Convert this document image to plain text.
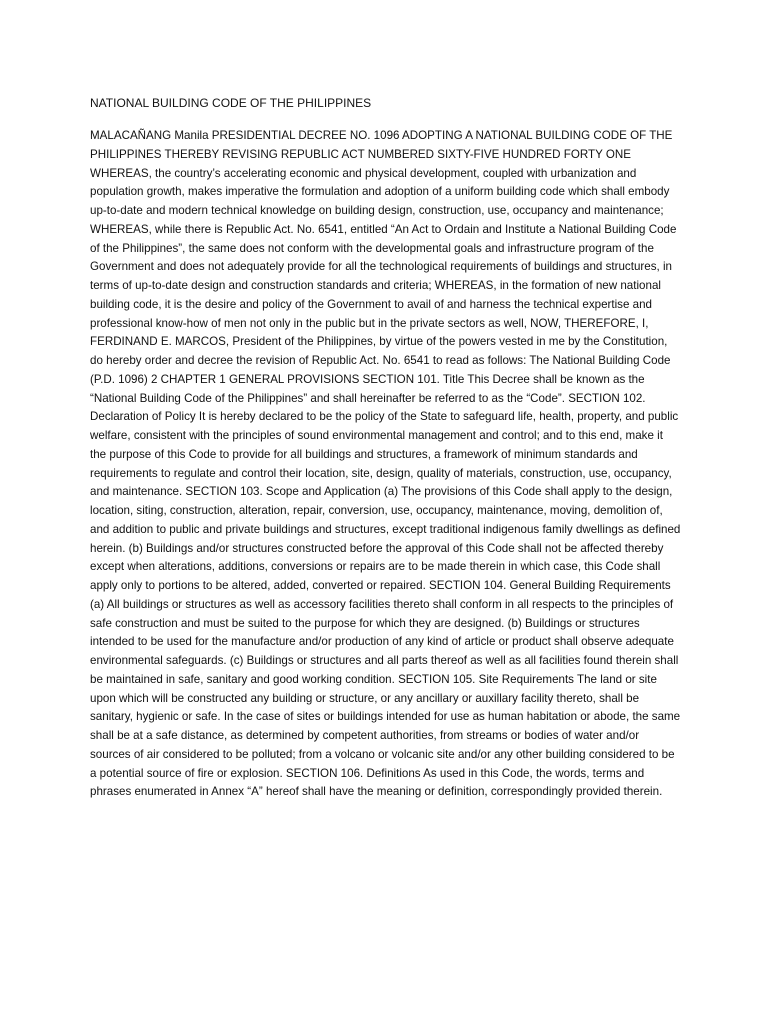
NATIONAL BUILDING CODE OF THE PHILIPPINES

MALACAÑANG Manila PRESIDENTIAL DECREE NO. 1096 ADOPTING A NATIONAL BUILDING CODE OF THE PHILIPPINES THEREBY REVISING REPUBLIC ACT NUMBERED SIXTY-FIVE HUNDRED FORTY ONE WHEREAS, the country’s accelerating economic and physical development, coupled with urbanization and population growth, makes imperative the formulation and adoption of a uniform building code which shall embody up-to-date and modern technical knowledge on building design, construction, use, occupancy and maintenance; WHEREAS, while there is Republic Act. No. 6541, entitled “An Act to Ordain and Institute a National Building Code of the Philippines”, the same does not conform with the developmental goals and infrastructure program of the Government and does not adequately provide for all the technological requirements of buildings and structures, in terms of up-to-date design and construction standards and criteria; WHEREAS, in the formation of new national building code, it is the desire and policy of the Government to avail of and harness the technical expertise and professional know-how of men not only in the public but in the private sectors as well, NOW, THEREFORE, I, FERDINAND E. MARCOS, President of the Philippines, by virtue of the powers vested in me by the Constitution, do hereby order and decree the revision of Republic Act. No. 6541 to read as follows: The National Building Code (P.D. 1096) 2 CHAPTER 1 GENERAL PROVISIONS SECTION 101. Title This Decree shall be known as the “National Building Code of the Philippines” and shall hereinafter be referred to as the “Code”. SECTION 102. Declaration of Policy It is hereby declared to be the policy of the State to safeguard life, health, property, and public welfare, consistent with the principles of sound environmental management and control; and to this end, make it the purpose of this Code to provide for all buildings and structures, a framework of minimum standards and requirements to regulate and control their location, site, design, quality of materials, construction, use, occupancy, and maintenance. SECTION 103. Scope and Application (a) The provisions of this Code shall apply to the design, location, siting, construction, alteration, repair, conversion, use, occupancy, maintenance, moving, demolition of, and addition to public and private buildings and structures, except traditional indigenous family dwellings as defined herein. (b) Buildings and/or structures constructed before the approval of this Code shall not be affected thereby except when alterations, additions, conversions or repairs are to be made therein in which case, this Code shall apply only to portions to be altered, added, converted or repaired. SECTION 104. General Building Requirements (a) All buildings or structures as well as accessory facilities thereto shall conform in all respects to the principles of safe construction and must be suited to the purpose for which they are designed. (b) Buildings or structures intended to be used for the manufacture and/or production of any kind of article or product shall observe adequate environmental safeguards. (c) Buildings or structures and all parts thereof as well as all facilities found therein shall be maintained in safe, sanitary and good working condition. SECTION 105. Site Requirements The land or site upon which will be constructed any building or structure, or any ancillary or auxillary facility thereto, shall be sanitary, hygienic or safe. In the case of sites or buildings intended for use as human habitation or abode, the same shall be at a safe distance, as determined by competent authorities, from streams or bodies of water and/or sources of air considered to be polluted; from a volcano or volcanic site and/or any other building considered to be a potential source of fire or explosion. SECTION 106. Definitions As used in this Code, the words, terms and phrases enumerated in Annex “A” hereof shall have the meaning or definition, correspondingly provided therein.
